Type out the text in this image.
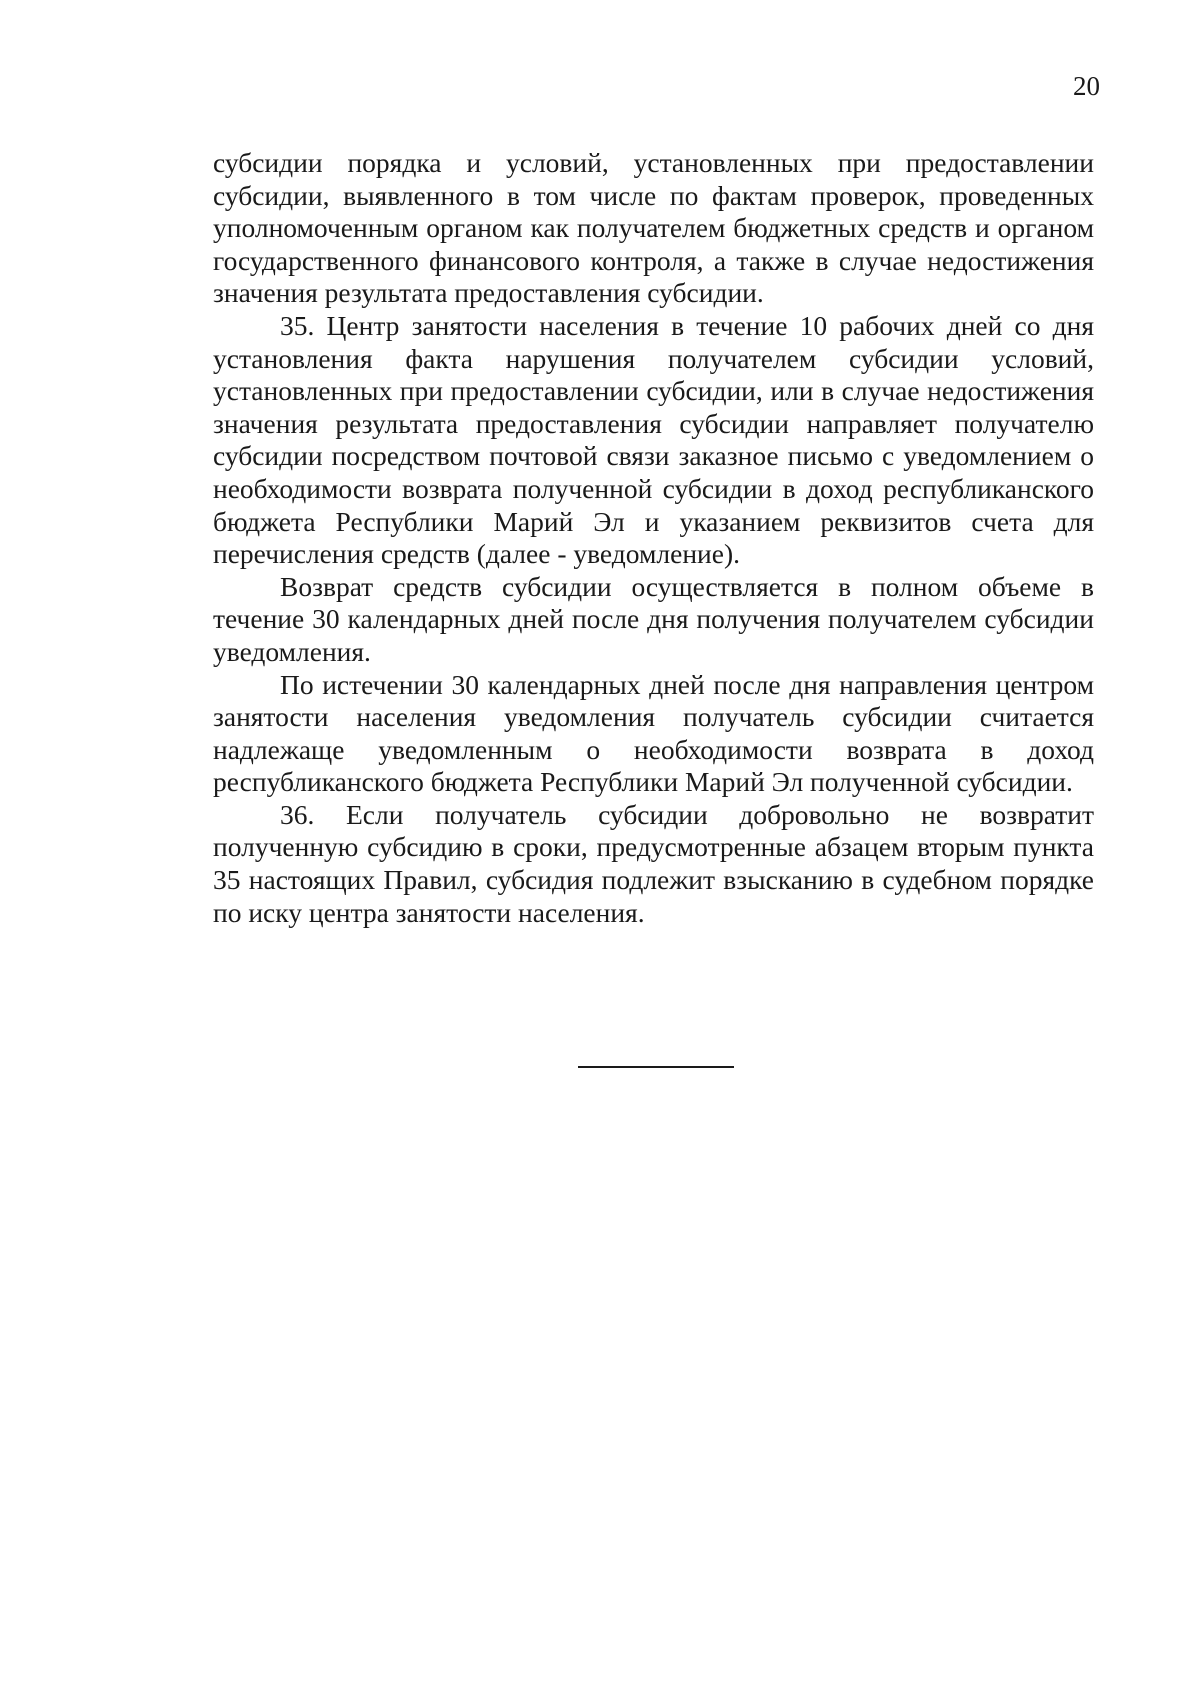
20

субсидии порядка и условий, установленных при предоставлении субсидии, выявленного в том числе по фактам проверок, проведенных уполномоченным органом как получателем бюджетных средств и органом государственного финансового контроля, а также в случае недостижения значения результата предоставления субсидии.

35. Центр занятости населения в течение 10 рабочих дней со дня установления факта нарушения получателем субсидии условий, установленных при предоставлении субсидии, или в случае недостижения значения результата предоставления субсидии направляет получателю субсидии посредством почтовой связи заказное письмо с уведомлением о необходимости возврата полученной субсидии в доход республиканского бюджета Республики Марий Эл и указанием реквизитов счета для перечисления средств (далее - уведомление).

Возврат средств субсидии осуществляется в полном объеме в течение 30 календарных дней после дня получения получателем субсидии уведомления.

По истечении 30 календарных дней после дня направления центром занятости населения уведомления получатель субсидии считается надлежаще уведомленным о необходимости возврата в доход республиканского бюджета Республики Марий Эл полученной субсидии.

36. Если получатель субсидии добровольно не возвратит полученную субсидию в сроки, предусмотренные абзацем вторым пункта 35 настоящих Правил, субсидия подлежит взысканию в судебном порядке по иску центра занятости населения.
